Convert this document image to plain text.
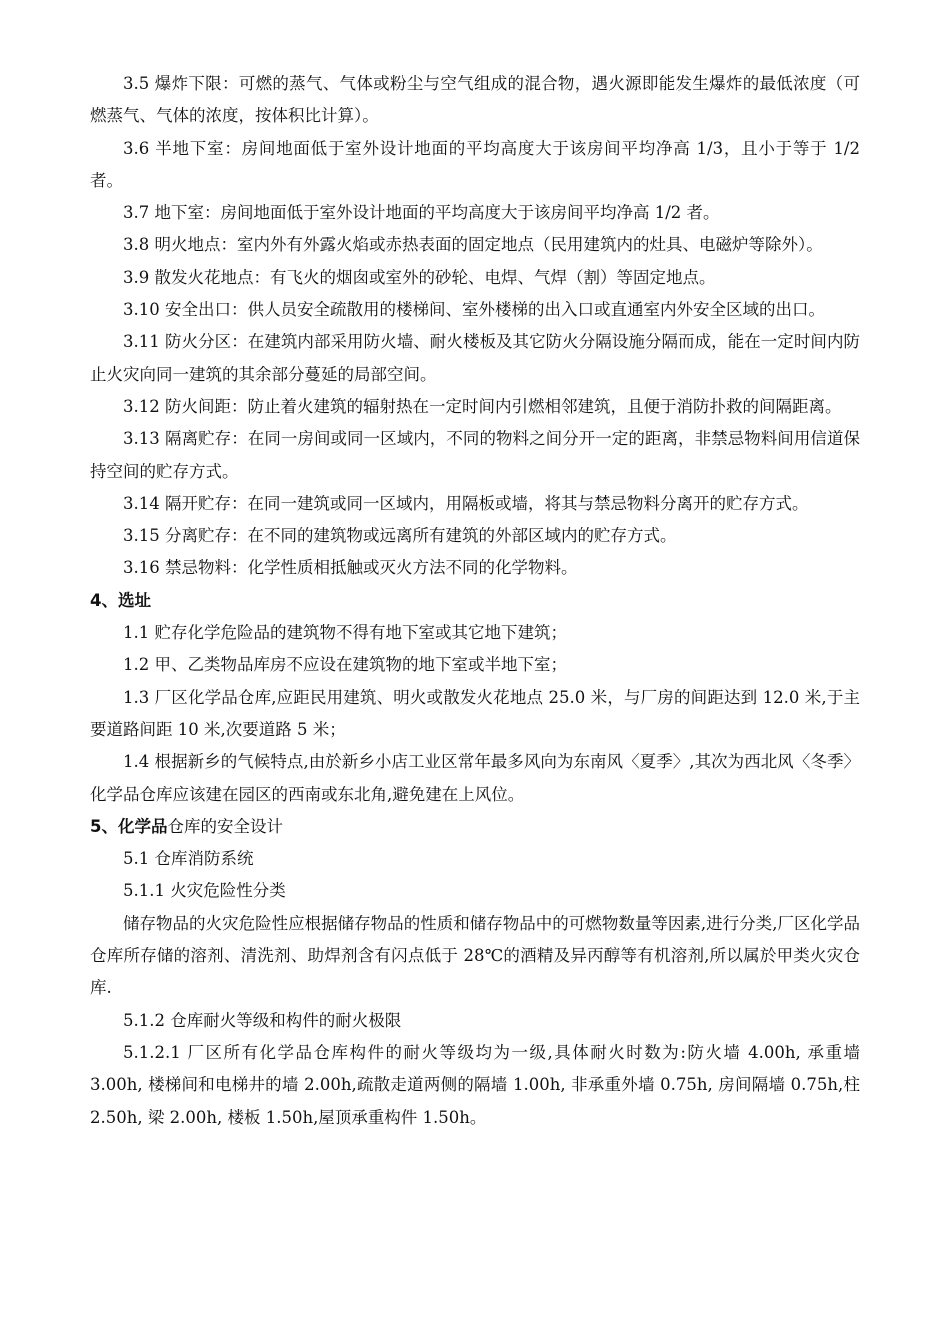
3.5 爆炸下限：可燃的蒸气、气体或粉尘与空气组成的混合物，遇火源即能发生爆炸的最低浓度（可燃蒸气、气体的浓度，按体积比计算）。

3.6 半地下室：房间地面低于室外设计地面的平均高度大于该房间平均净高 1/3，且小于等于 1/2 者。

3.7 地下室：房间地面低于室外设计地面的平均高度大于该房间平均净高 1/2 者。

3.8 明火地点：室内外有外露火焰或赤热表面的固定地点（民用建筑内的灶具、电磁炉等除外）。

3.9 散发火花地点：有飞火的烟囱或室外的砂轮、电焊、气焊（割）等固定地点。

3.10 安全出口：供人员安全疏散用的楼梯间、室外楼梯的出入口或直通室内外安全区域的出口。

3.11 防火分区：在建筑内部采用防火墙、耐火楼板及其它防火分隔设施分隔而成，能在一定时间内防止火灾向同一建筑的其余部分蔓延的局部空间。

3.12 防火间距：防止着火建筑的辐射热在一定时间内引燃相邻建筑，且便于消防扑救的间隔距离。

3.13 隔离贮存：在同一房间或同一区域内，不同的物料之间分开一定的距离，非禁忌物料间用信道保持空间的贮存方式。

3.14 隔开贮存：在同一建筑或同一区域内，用隔板或墙，将其与禁忌物料分离开的贮存方式。

3.15 分离贮存：在不同的建筑物或远离所有建筑的外部区域内的贮存方式。

3.16 禁忌物料：化学性质相抵触或灭火方法不同的化学物料。

4、选址

1.1 贮存化学危险品的建筑物不得有地下室或其它地下建筑；

1.2 甲、乙类物品库房不应设在建筑物的地下室或半地下室；

1.3 厂区化学品仓库,应距民用建筑、明火或散发火花地点 25.0 米，与厂房的间距达到 12.0 米,于主要道路间距 10 米,次要道路 5 米；

1.4 根据新乡的气候特点,由於新乡小店工业区常年最多风向为东南风〈夏季〉,其次为西北风〈冬季〉化学品仓库应该建在园区的西南或东北角,避免建在上风位。

5、化学品仓库的安全设计

5.1 仓库消防系统

5.1.1 火灾危险性分类

储存物品的火灾危险性应根据储存物品的性质和储存物品中的可燃物数量等因素,进行分类,厂区化学品仓库所存储的溶剂、清洗剂、助焊剂含有闪点低于 28℃的酒精及异丙醇等有机溶剂,所以属於甲类火灾仓库.

5.1.2 仓库耐火等级和构件的耐火极限

5.1.2.1 厂区所有化学品仓库构件的耐火等级均为一级,具体耐火时数为:防火墙 4.00h, 承重墙 3.00h, 楼梯间和电梯井的墙 2.00h,疏散走道两侧的隔墙 1.00h, 非承重外墙 0.75h, 房间隔墙 0.75h,柱 2.50h, 梁 2.00h, 楼板 1.50h,屋顶承重构件 1.50h。
